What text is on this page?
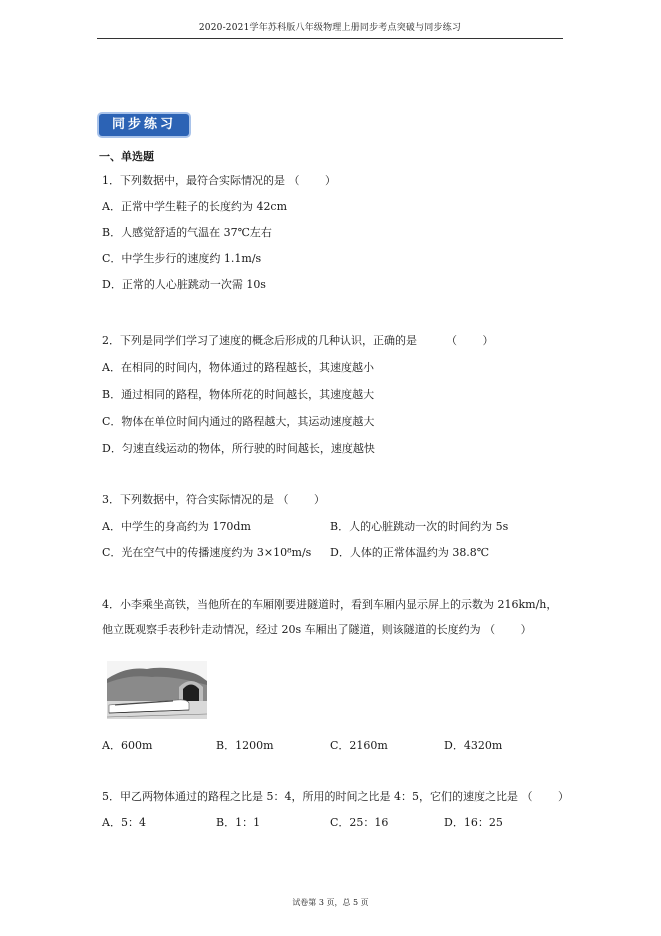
2020-2021学年苏科版八年级物理上册同步考点突破与同步练习
同步练习
一、单选题
1．下列数据中，最符合实际情况的是 （ 　　）
A．正常中学生鞋子的长度约为 42cm
B．人感觉舒适的气温在 37℃左右
C．中学生步行的速度约 1.1m/s
D．正常的人心脏跳动一次需 10s
2．下列是同学们学习了速度的概念后形成的几种认识，正确的是 　　 （ 　　）
A．在相同的时间内，物体通过的路程越长，其速度越小
B．通过相同的路程，物体所花的时间越长，其速度越大
C．物体在单位时间内通过的路程越大，其运动速度越大
D．匀速直线运动的物体，所行驶的时间越长，速度越快
3．下列数据中，符合实际情况的是 （ 　　）
A．中学生的身高约为 170dm	B．人的心脏跳动一次的时间约为 5s
C．光在空气中的传播速度约为 3×10⁸m/s D．人体的正常体温约为 38.8℃
4．小李乘坐高铁，当他所在的车厢刚要进隧道时，看到车厢内显示屏上的示数为 216km/h，
他立既观察手表秒针走动情况，经过 20s 车厢出了隧道，则该隧道的长度约为 （ 　　）
A．600m	B．1200m	C．2160m	D．4320m
5．甲乙两物体通过的路程之比是 5：4，所用的时间之比是 4：5，它们的速度之比是 （ 　　）
A．5：4	B．1：1	C．25：16	D．16：25
试卷第 3 页，总 5 页
